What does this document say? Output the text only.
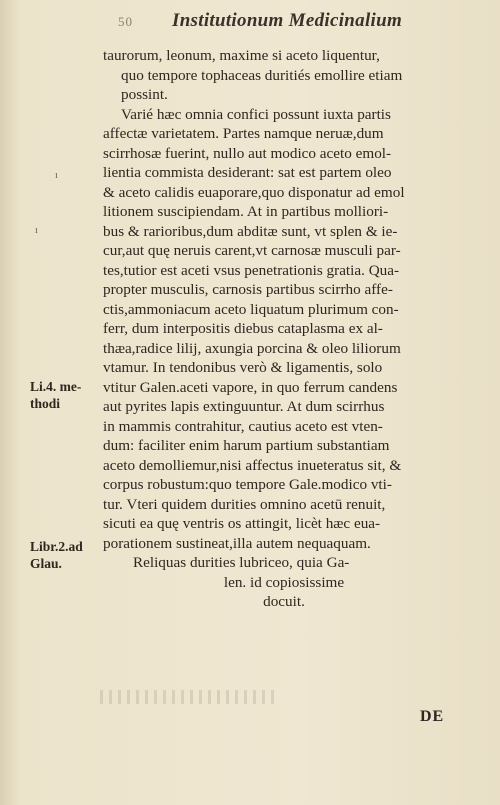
50 Institutionum Medicinalium
ı
ı
taurorum, leonum, maxime si aceto liquentur,
quo tempore tophaceas duritiés emollire etiam
possint.
Varié hæc omnia confici possunt iuxta partis
affectæ varietatem. Partes namque neruæ,dum
scirrhosæ fuerint, nullo aut modico aceto emol-
lientia commista desiderant: sat est partem oleo
& aceto calidis euaporare,quo disponatur ad emol
litionem suscipiendam. At in partibus molliori-
bus & rarioribus,dum abditæ sunt, vt splen & ie-
cur,aut quę neruis carent,vt carnosæ musculi par-
tes,tutior est aceti vsus penetrationis gratia. Qua-
propter musculis, carnosis partibus scirrho affe-
ctis,ammoniacum aceto liquatum plurimum con-
ferr, dum interpositis diebus cataplasma ex al-
thæa,radice lilij, axungia porcina & oleo liliorum
vtamur. In tendonibus verò & ligamentis, solo
vtitur Galen.aceti vapore, in quo ferrum candens
aut pyrites lapis extinguuntur. At dum scirrhus
in mammis contrahitur, cautius aceto est vten-
dum: faciliter enim harum partium substantiam
aceto demolliemur,nisi affectus inueteratus sit, &
corpus robustum:quo tempore Gale.modico vti-
tur. Vteri quidem durities omnino acetū renuit,
sicuti ea quę ventris os attingit, licèt hæc eua-
porationem sustineat,illa autem nequaquam.
Reliquas durities lubriceo, quia Ga-
len. id copiosissime
docuit.
Li.4. me-
thodi
Libr.2.ad
Glau.
DE
